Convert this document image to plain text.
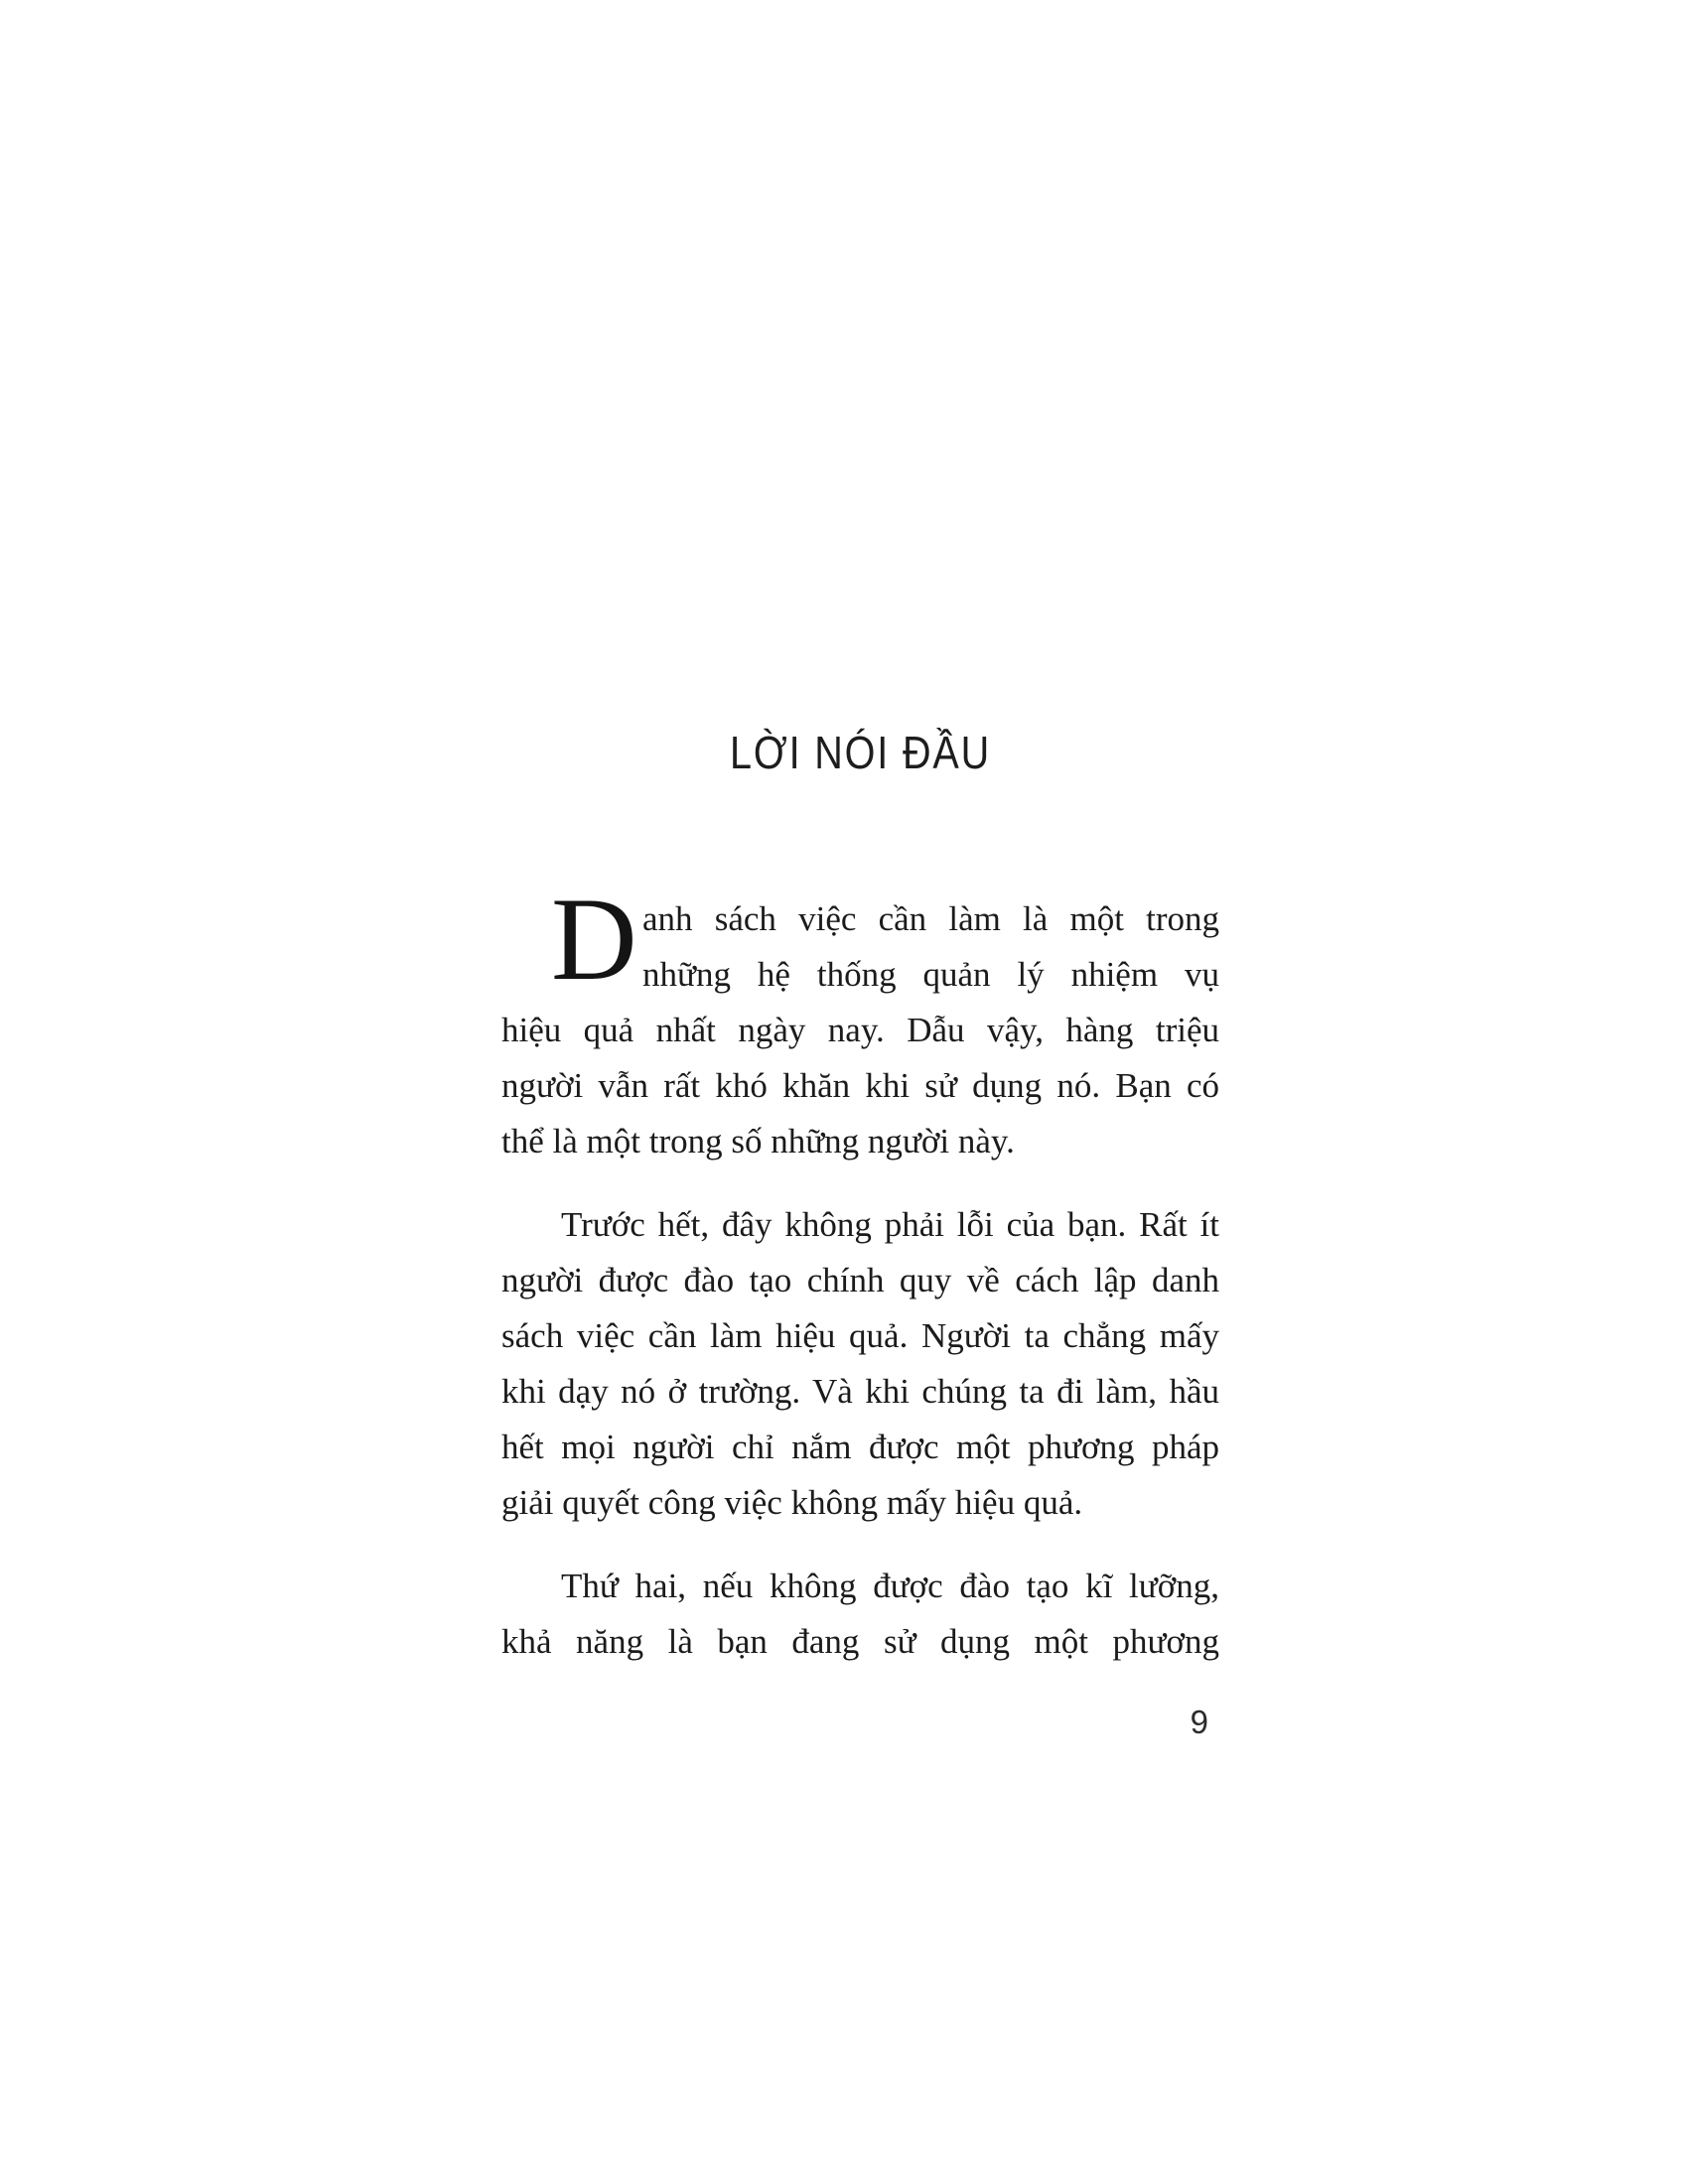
LỜI NÓI ĐẦU
D anh sách việc cần làm là một trong
những hệ thống quản lý nhiệm vụ
hiệu quả nhất ngày nay. Dẫu vậy, hàng triệu
người vẫn rất khó khăn khi sử dụng nó. Bạn có
thể là một trong số những người này.
Trước hết, đây không phải lỗi của bạn. Rất ít
người được đào tạo chính quy về cách lập danh
sách việc cần làm hiệu quả. Người ta chẳng mấy
khi dạy nó ở trường. Và khi chúng ta đi làm, hầu
hết mọi người chỉ nắm được một phương pháp
giải quyết công việc không mấy hiệu quả.
Thứ hai, nếu không được đào tạo kĩ lưỡng,
khả năng là bạn đang sử dụng một phương
9
